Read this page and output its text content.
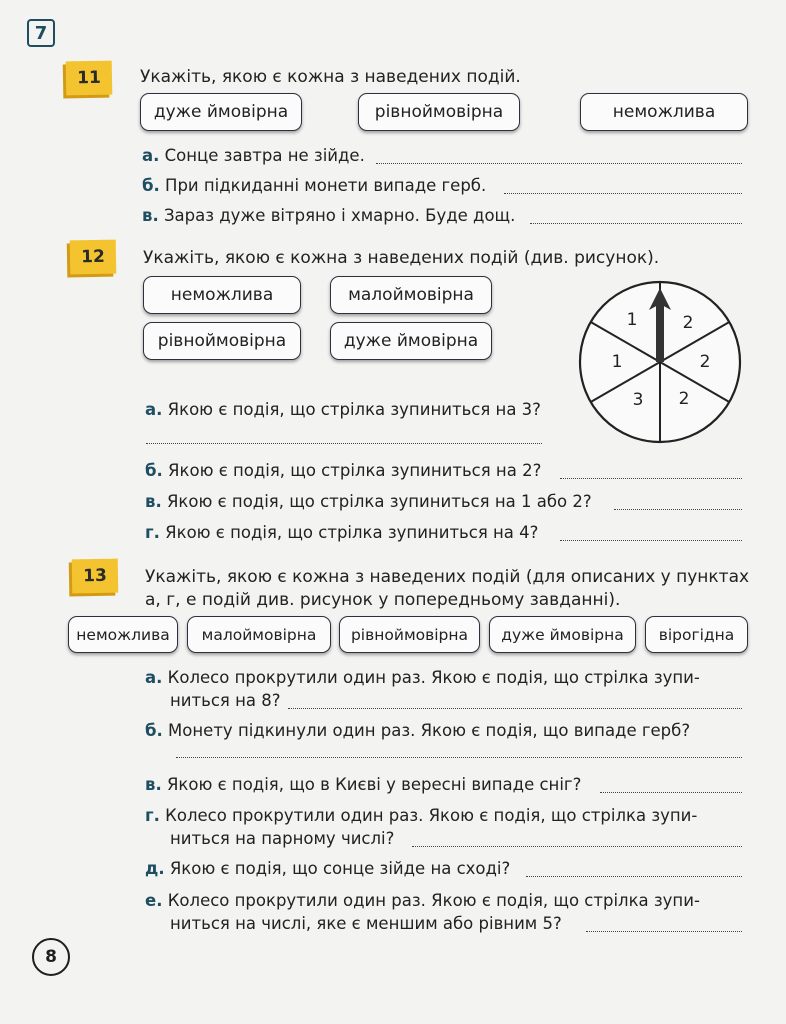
7
11	Укажіть, якою є кожна з наведених подій.
дуже ймовірна	рівноймовірна	неможлива
а. Сонце завтра не зійде.
б. При підкиданні монети випаде герб.
в. Зараз дуже вітряно і хмарно. Буде дощ.
12	Укажіть, якою є кожна з наведених подій (див. рисунок).
неможлива	малоймовірна
рівноймовірна	дуже ймовірна
1	2
2
2
3
1
а. Якою є подія, що стрілка зупиниться на 3?
б. Якою є подія, що стрілка зупиниться на 2?
в. Якою є подія, що стрілка зупиниться на 1 або 2?
г. Якою є подія, що стрілка зупиниться на 4?
13	Укажіть, якою є кожна з наведених подій (для описаних у пунктах
а, г, е подій див. рисунок у попередньому завданні).
неможлива	малоймовірна	рівноймовірна	дуже ймовірна	вірогідна
а. Колесо прокрутили один раз. Якою є подія, що стрілка зупи-
ниться на 8?
б. Монету підкинули один раз. Якою є подія, що випаде герб?
в. Якою є подія, що в Києві у вересні випаде сніг?
г. Колесо прокрутили один раз. Якою є подія, що стрілка зупи-
ниться на парному числі?
д. Якою є подія, що сонце зійде на сході?
е. Колесо прокрутили один раз. Якою є подія, що стрілка зупи-
ниться на числі, яке є меншим або рівним 5?
8
